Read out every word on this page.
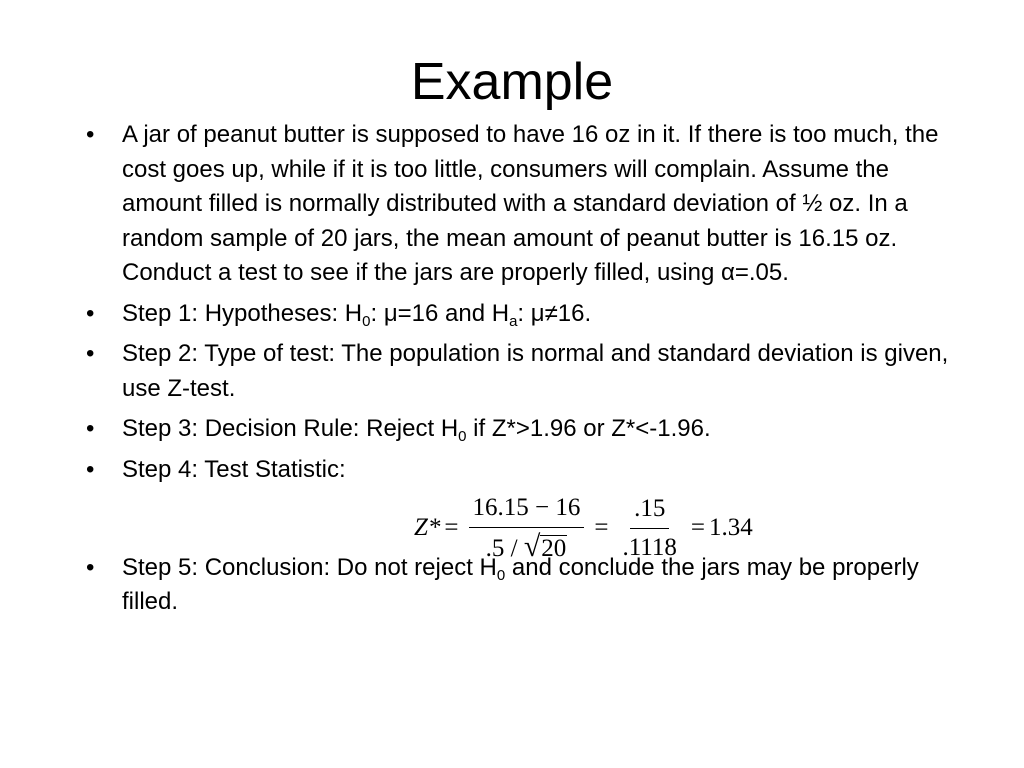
Example
•	A jar of peanut butter is supposed to have 16 oz in it. If there is too much, the cost goes up, while if it is too little, consumers will complain. Assume the amount filled is normally distributed with a standard deviation of ½ oz. In a random sample of 20 jars, the mean amount of peanut butter is 16.15 oz. Conduct a test to see if the jars are properly filled, using α=.05.
•	Step 1: Hypotheses: $H_0$: μ=16 and $H_a$: μ≠16.
•	Step 2: Type of test: The population is normal and standard deviation is given, use Z-test.
•	Step 3: Decision Rule: Reject $H_0$ if Z*>1.96 or Z*<-1.96.
•	Step 4: Test Statistic:
•	Step 5: Conclusion: Do not reject $H_0$ and conclude the jars may be properly filled.
$Z* = \frac{16.15 - 16}{.5 / √ 20} = \frac{.15}{.1118} = 1.34$
